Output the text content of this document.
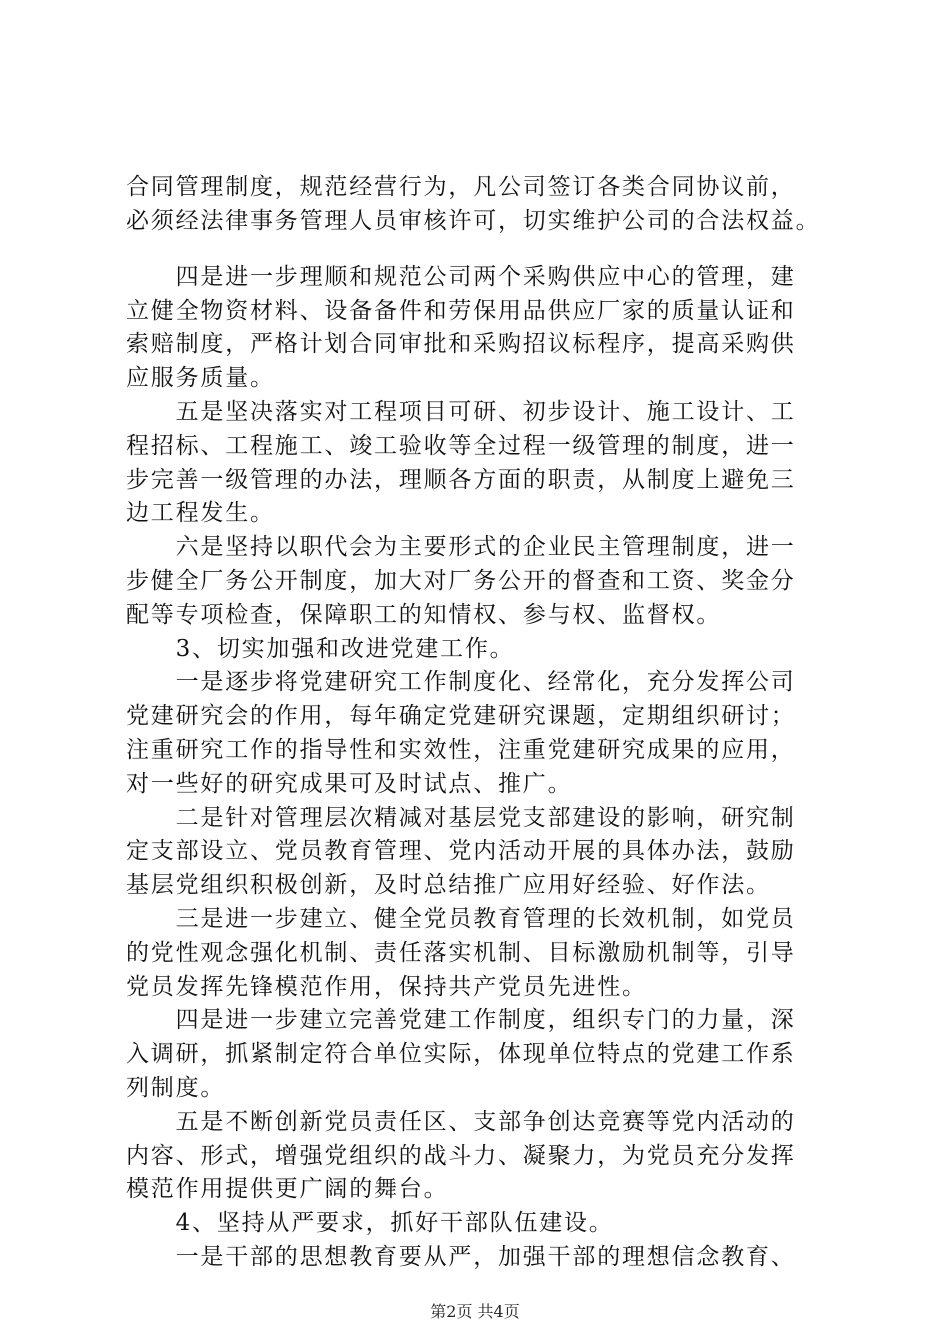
合同管理制度，规范经营行为，凡公司签订各类合同协议前，
必须经法律事务管理人员审核许可，切实维护公司的合法权益。
　　四是进一步理顺和规范公司两个采购供应中心的管理，建
立健全物资材料、设备备件和劳保用品供应厂家的质量认证和
索赔制度，严格计划合同审批和采购招议标程序，提高采购供
应服务质量。
　　五是坚决落实对工程项目可研、初步设计、施工设计、工
程招标、工程施工、竣工验收等全过程一级管理的制度，进一
步完善一级管理的办法，理顺各方面的职责，从制度上避免三
边工程发生。
　　六是坚持以职代会为主要形式的企业民主管理制度，进一
步健全厂务公开制度，加大对厂务公开的督查和工资、奖金分
配等专项检查，保障职工的知情权、参与权、监督权。
　　3、切实加强和改进党建工作。
　　一是逐步将党建研究工作制度化、经常化，充分发挥公司
党建研究会的作用，每年确定党建研究课题，定期组织研讨；
注重研究工作的指导性和实效性，注重党建研究成果的应用，
对一些好的研究成果可及时试点、推广。
　　二是针对管理层次精减对基层党支部建设的影响，研究制
定支部设立、党员教育管理、党内活动开展的具体办法，鼓励
基层党组织积极创新，及时总结推广应用好经验、好作法。
　　三是进一步建立、健全党员教育管理的长效机制，如党员
的党性观念强化机制、责任落实机制、目标激励机制等，引导
党员发挥先锋模范作用，保持共产党员先进性。
　　四是进一步建立完善党建工作制度，组织专门的力量，深
入调研，抓紧制定符合单位实际，体现单位特点的党建工作系
列制度。
　　五是不断创新党员责任区、支部争创达竞赛等党内活动的
内容、形式，增强党组织的战斗力、凝聚力，为党员充分发挥
模范作用提供更广阔的舞台。
　　4、坚持从严要求，抓好干部队伍建设。
　　一是干部的思想教育要从严，加强干部的理想信念教育、
第2页 共4页
